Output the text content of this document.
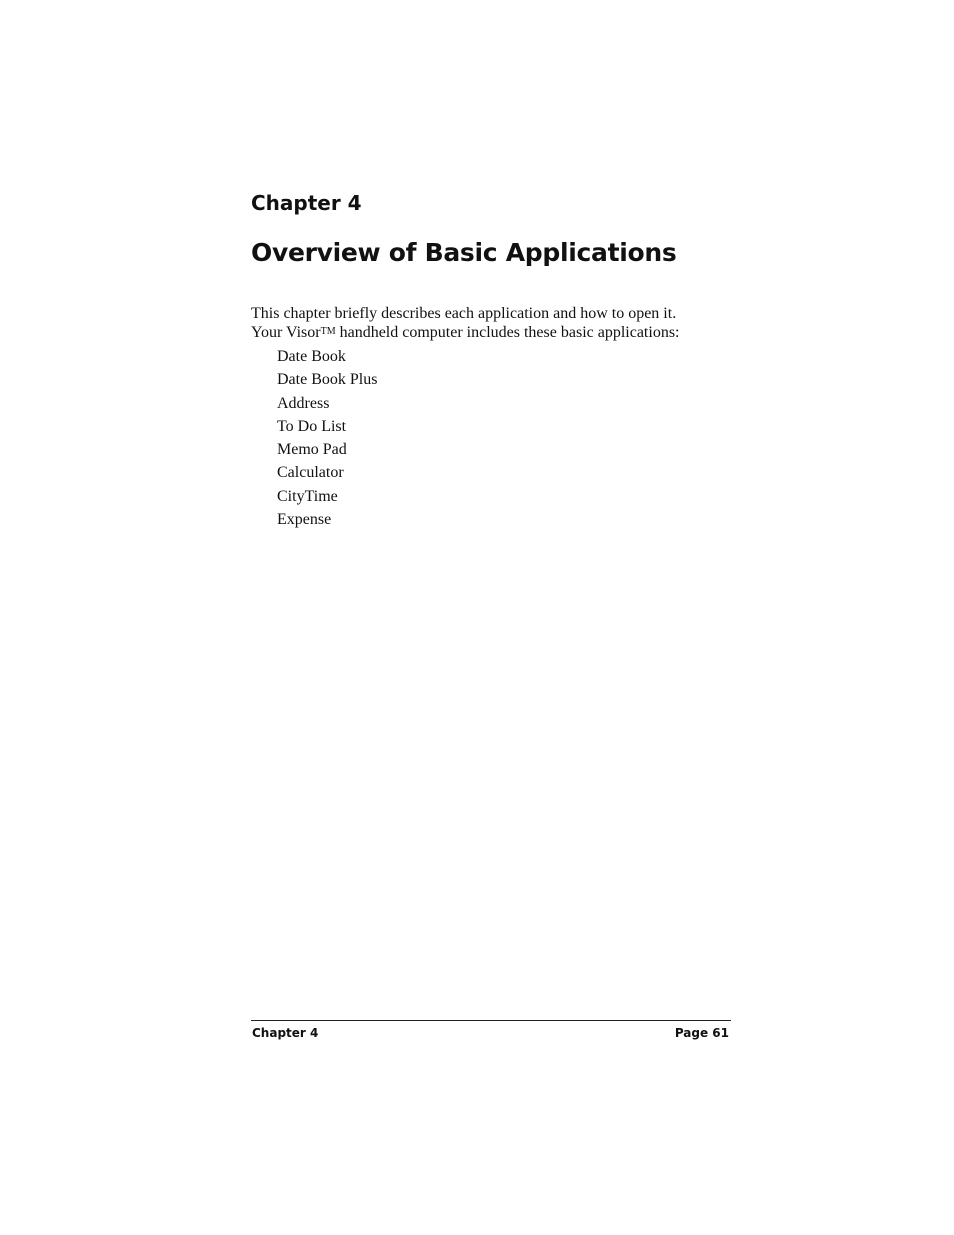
Chapter 4
Overview of Basic Applications

This chapter briefly describes each application and how to open it.
Your VisorTM handheld computer includes these basic applications:

Date Book
Date Book Plus
Address
To Do List
Memo Pad
Calculator
CityTime
Expense
Chapter 4	Page 61
